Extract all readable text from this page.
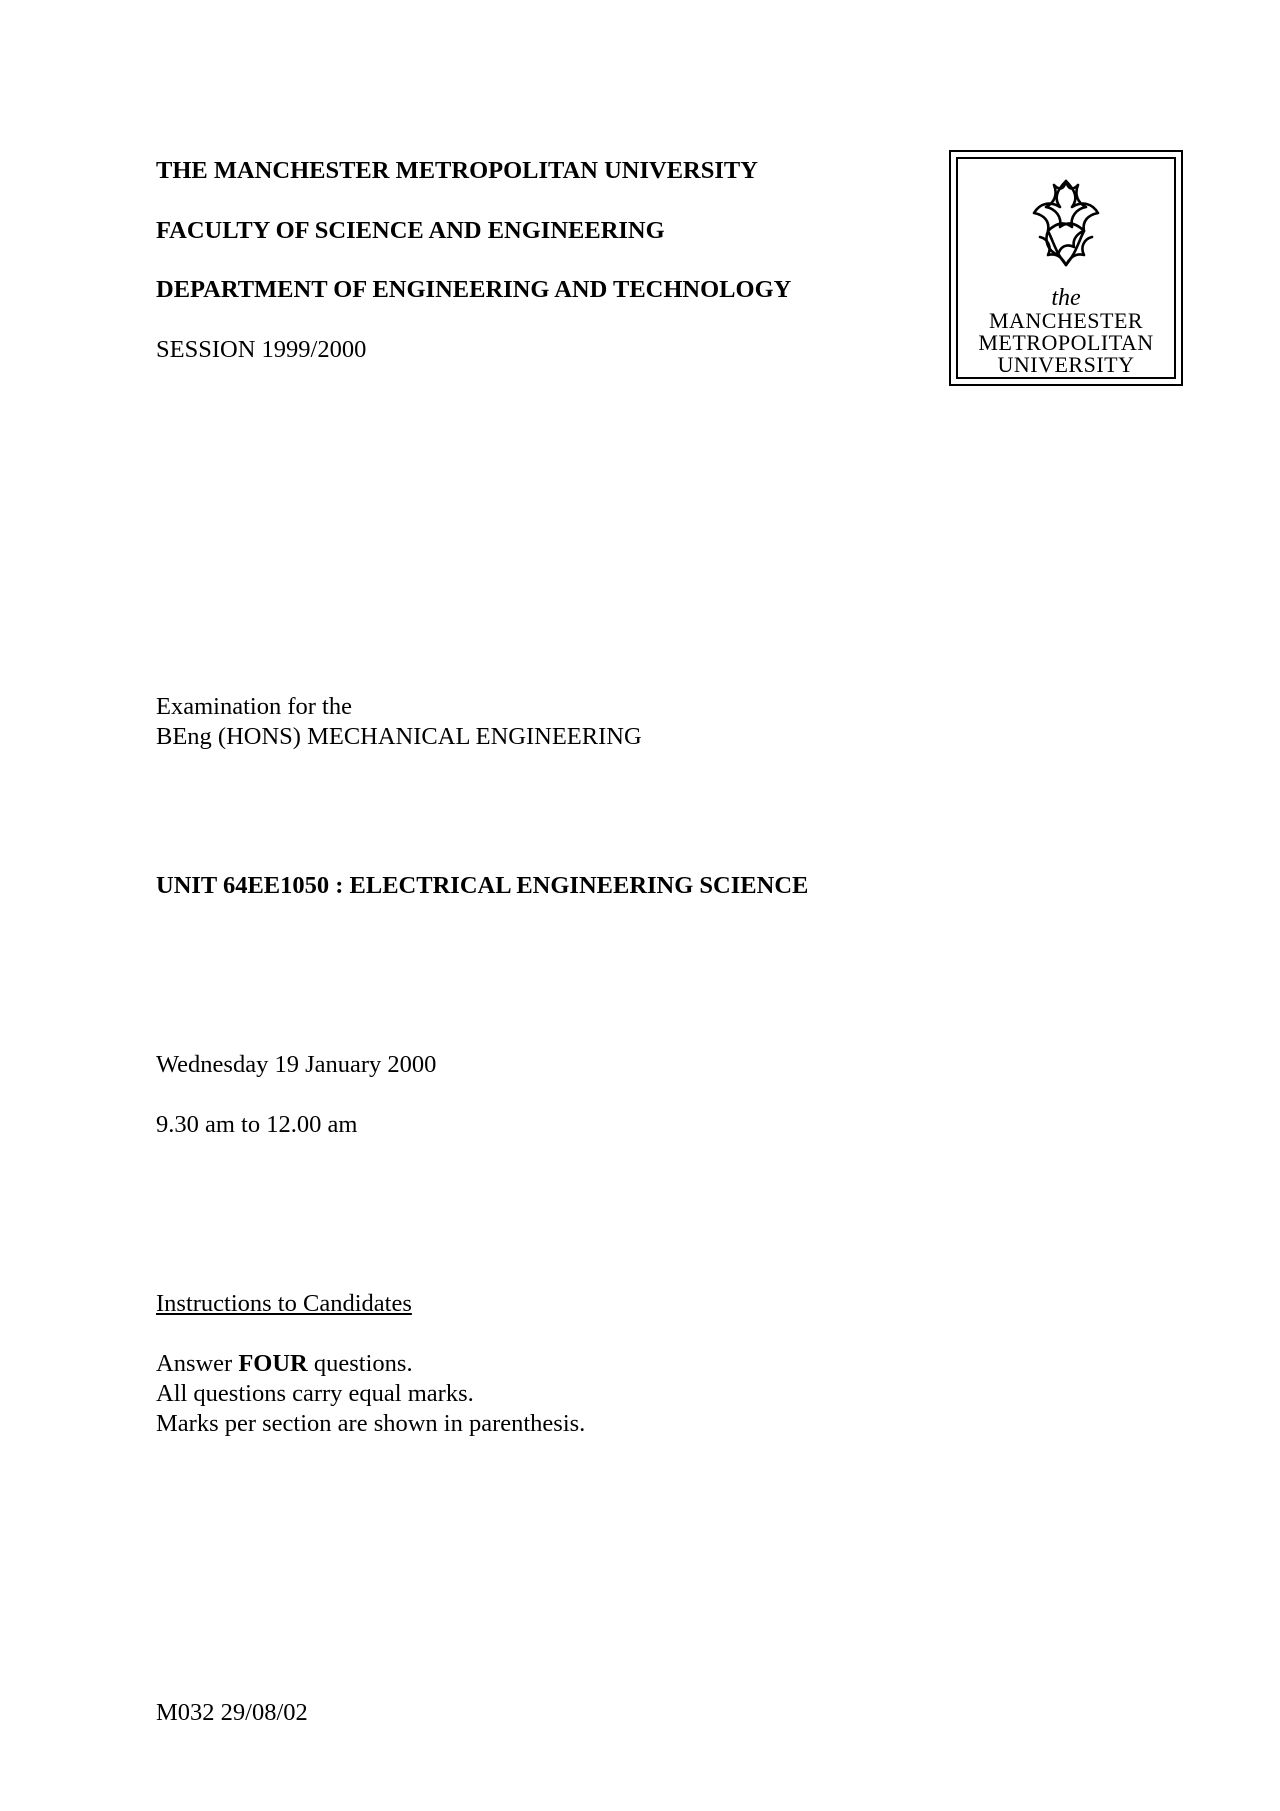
THE MANCHESTER METROPOLITAN UNIVERSITY
FACULTY OF SCIENCE AND ENGINEERING
DEPARTMENT OF ENGINEERING AND TECHNOLOGY
SESSION 1999/2000
the
MANCHESTER
METROPOLITAN
UNIVERSITY
Examination for the
BEng (HONS) MECHANICAL ENGINEERING
UNIT 64EE1050 : ELECTRICAL ENGINEERING SCIENCE
Wednesday 19 January 2000
9.30 am to 12.00 am
Instructions to Candidates
Answer FOUR questions.
All questions carry equal marks.
Marks per section are shown in parenthesis.
M032 29/08/02
